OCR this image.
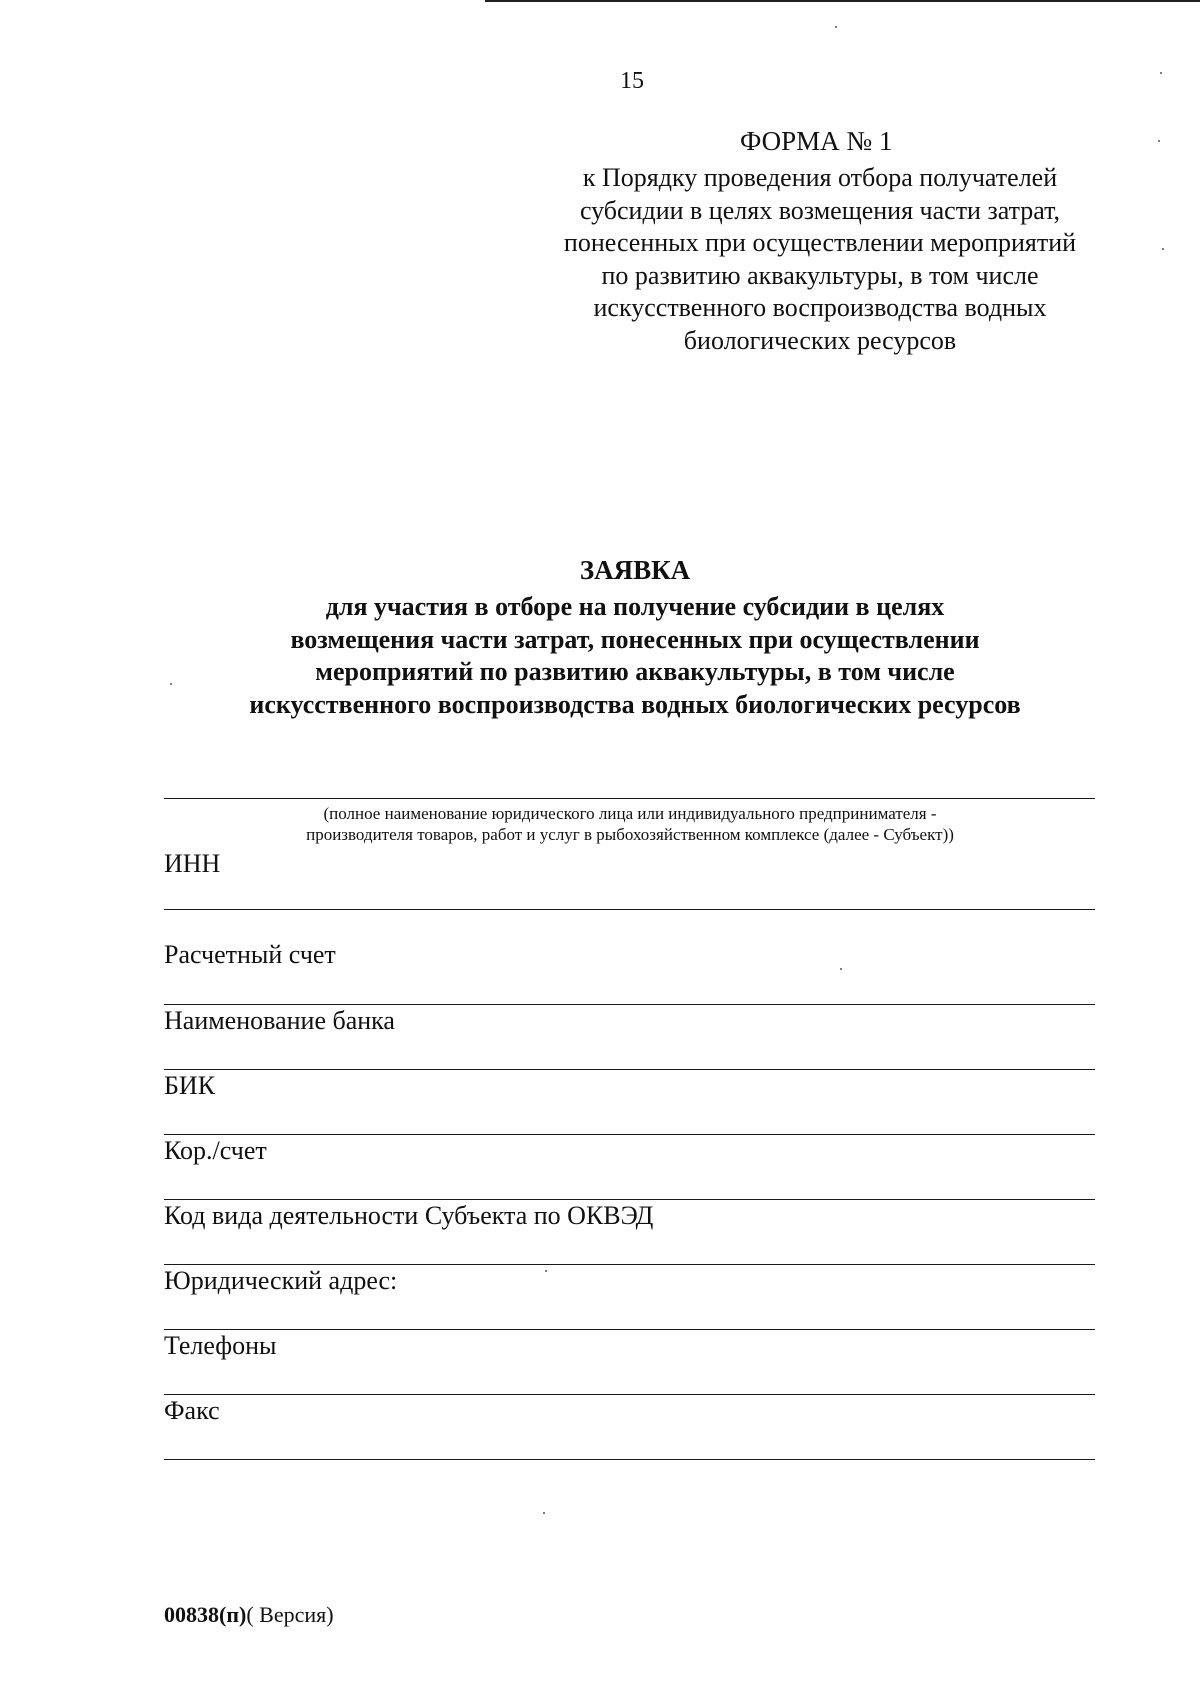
15
ФОРМА № 1
к Порядку проведения отбора получателей
субсидии в целях возмещения части затрат,
понесенных при осуществлении мероприятий
по развитию аквакультуры, в том числе
искусственного воспроизводства водных
биологических ресурсов
ЗАЯВКА
для участия в отборе на получение субсидии в целях
возмещения части затрат, понесенных при осуществлении
мероприятий по развитию аквакультуры, в том числе
искусственного воспроизводства водных биологических ресурсов
(полное наименование юридического лица или индивидуального предпринимателя -
производителя товаров, работ и услуг в рыбохозяйственном комплексе (далее - Субъект))
ИНН
Расчетный счет
Наименование банка
БИК
Кор./счет
Код вида деятельности Субъекта по ОКВЭД
Юридический адрес:
Телефоны
Факс
00838(п)( Версия)
